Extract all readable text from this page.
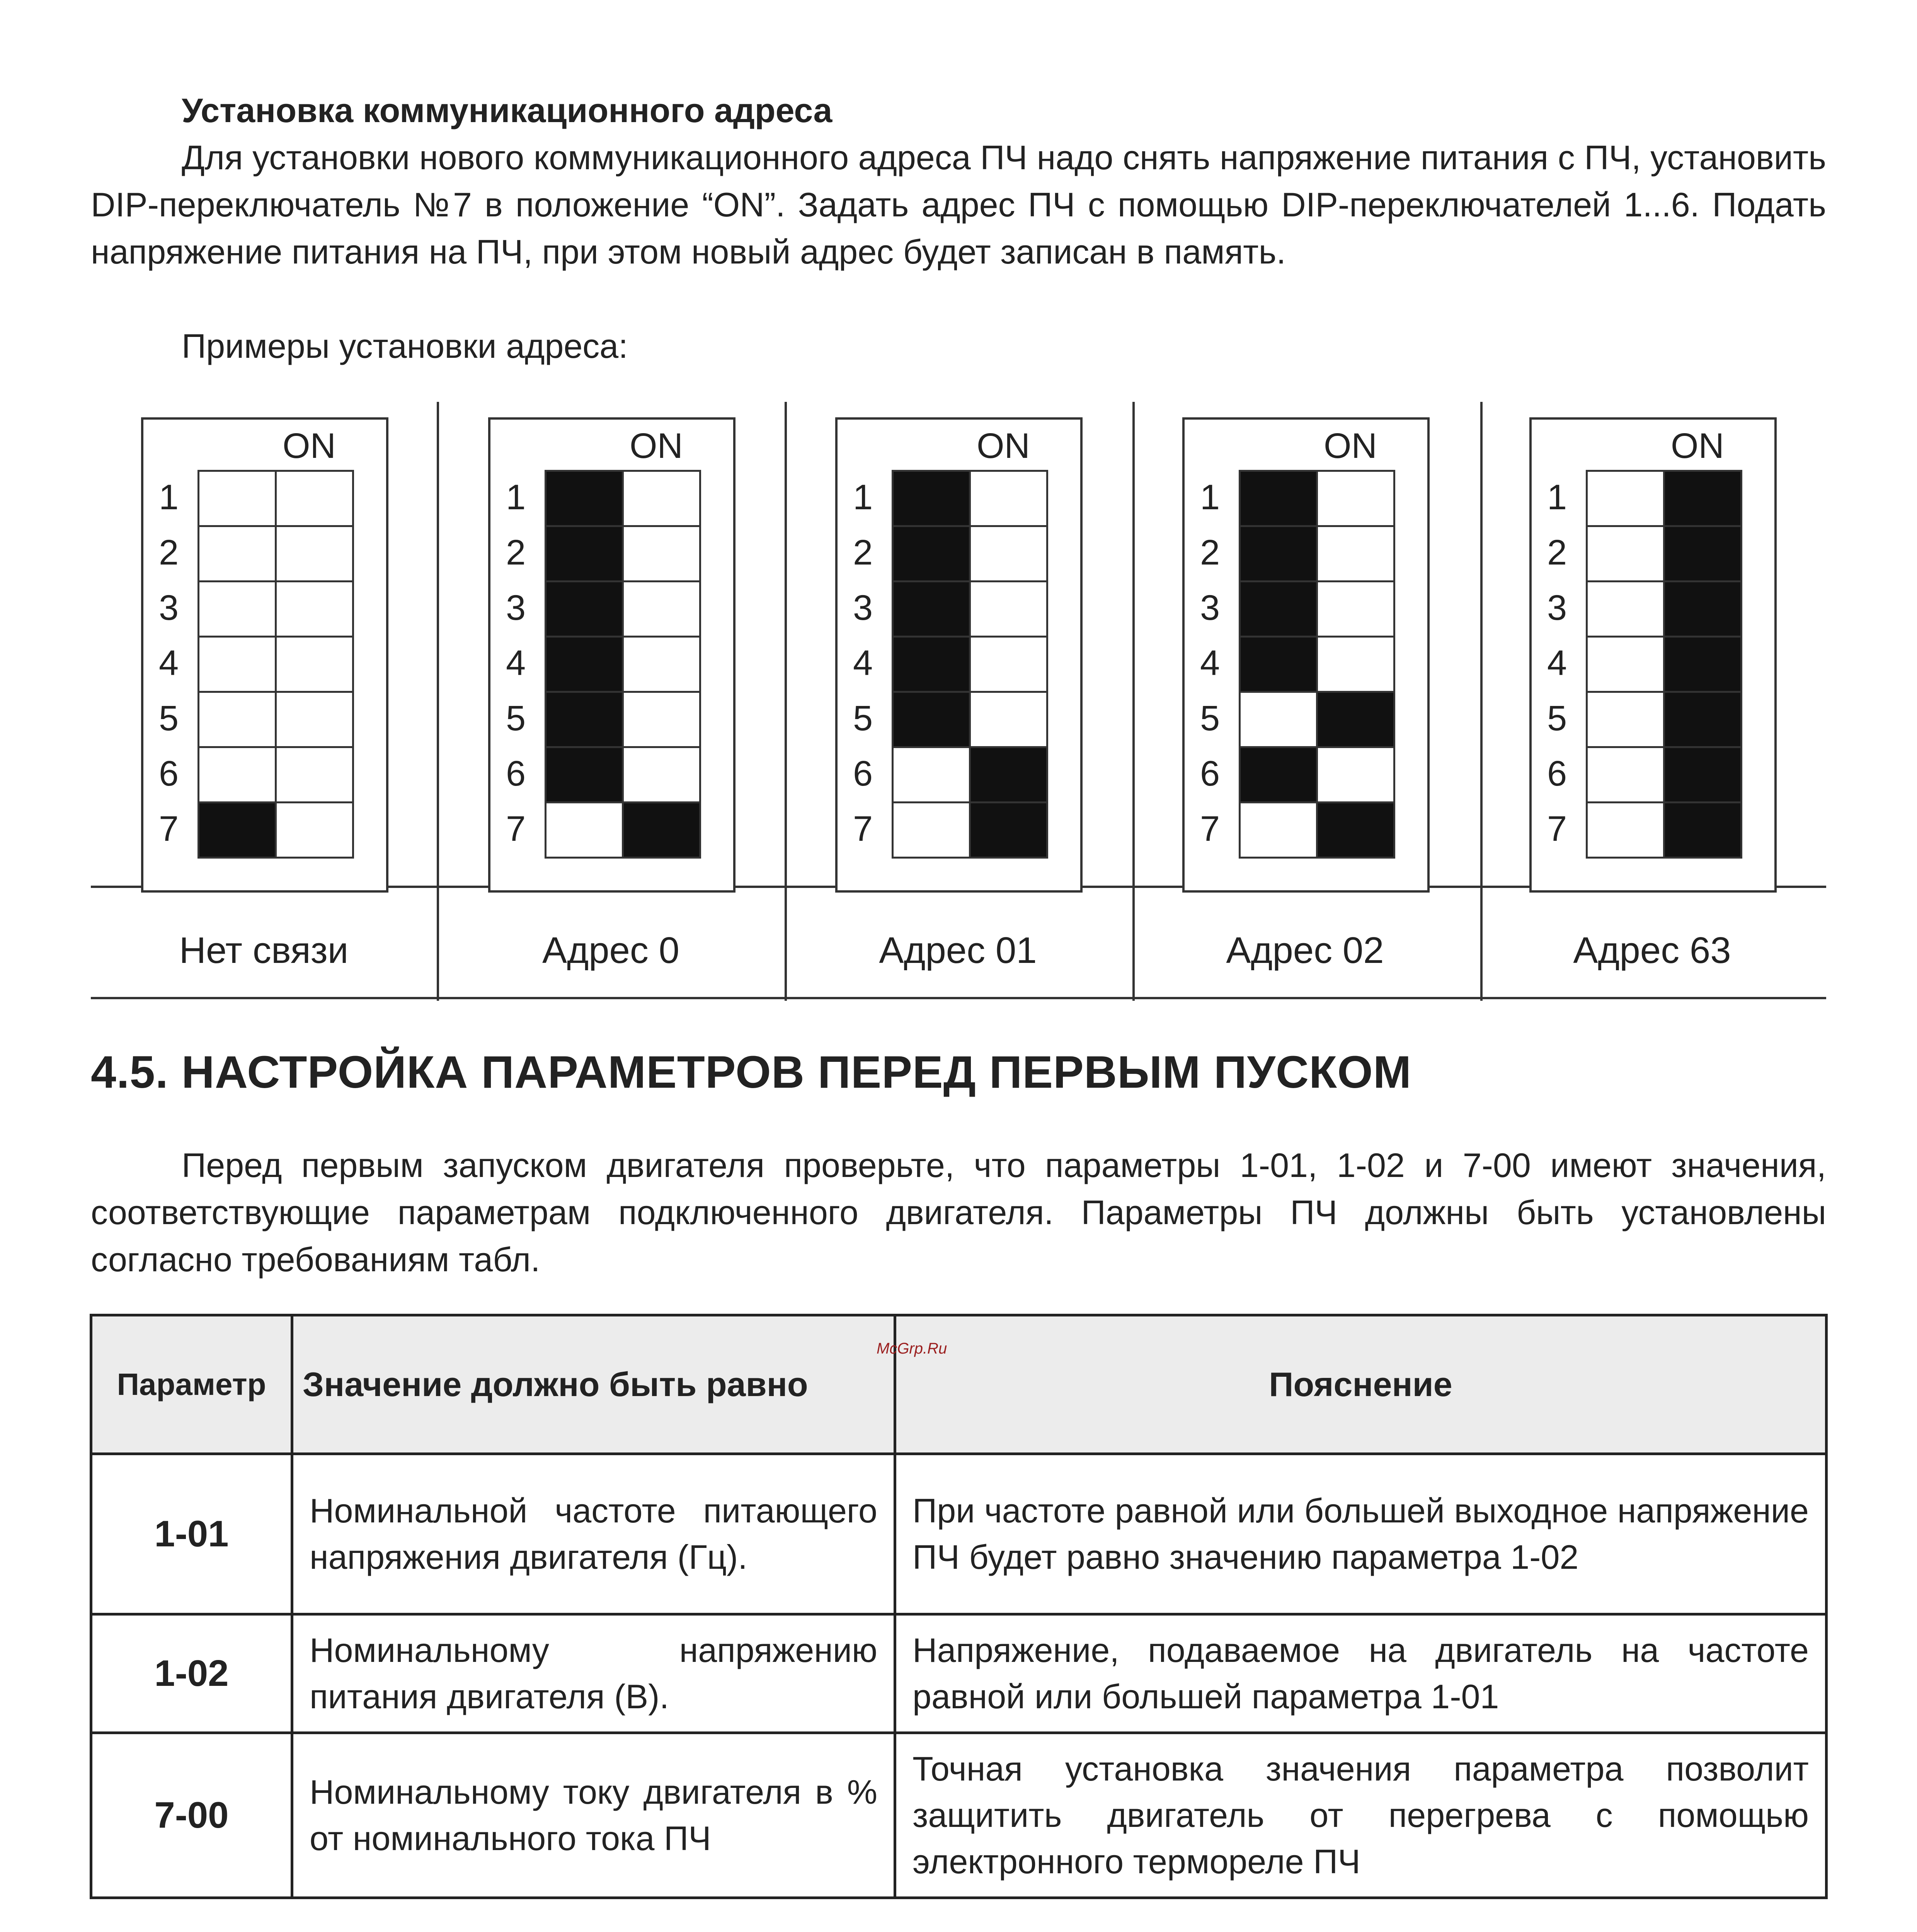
Установка коммуникационного адреса

Для установки нового коммуникационного адреса ПЧ надо снять напряжение питания с ПЧ, установить DIP-переключатель №7 в положение “ON”. Задать адрес ПЧ с помощью DIP-переключателей 1...6. Подать напряжение питания на ПЧ, при этом новый адрес будет записан в память.

Примеры установки адреса:

ON
1
2
3
4
5
6
7
Нет связи
ON
1
2
3
4
5
6
7
Адрес 0
ON
1
2
3
4
5
6
7
Адрес 01
ON
1
2
3
4
5
6
7
Адрес 02
ON
1
2
3
4
5
6
7
Адрес 63
4.5. НАСТРОЙКА ПАРАМЕТРОВ ПЕРЕД ПЕРВЫМ ПУСКОМ

Перед первым запуском двигателя проверьте, что параметры 1-01, 1-02 и 7-00 имеют значения, соответствующие параметрам подключенного двигателя. Параметры ПЧ должны быть установлены согласно требованиям табл.

Параметр	Значение должно быть равно	Пояснение
1-01	Номинальной частоте питающего напряжения двигателя (Гц).	При частоте равной или большей выходное напряжение ПЧ будет равно значению параметра 1-02
1-02	Номинальному напряжению питания двигателя (В).	Напряжение, подаваемое на двигатель на частоте равной или большей параметра 1-01
7-00	Номинальному току двигателя в % от номинального тока ПЧ	Точная установка значения параметра позволит защитить двигатель от перегрева с помощью электронного термореле ПЧ
McGrp.Ru
